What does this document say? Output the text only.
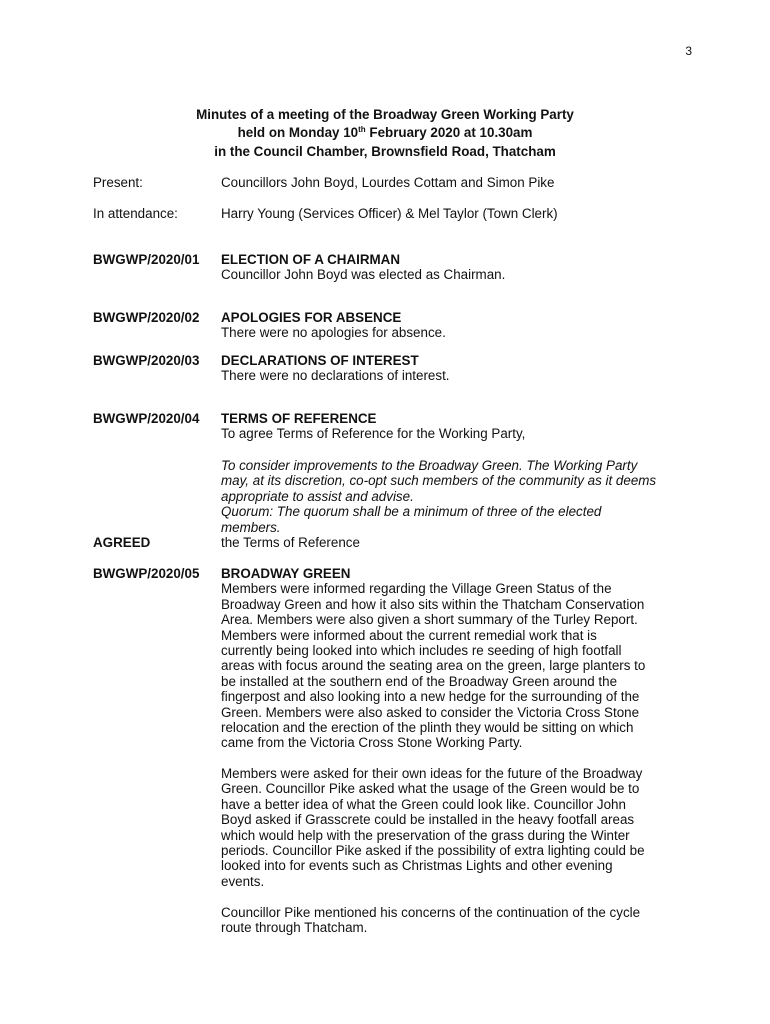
3
Minutes of a meeting of the Broadway Green Working Party
held on Monday 10th February 2020 at 10.30am
in the Council Chamber, Brownsfield Road, Thatcham
Present:	Councillors John Boyd, Lourdes Cottam and Simon Pike
In attendance:	Harry Young (Services Officer) & Mel Taylor (Town Clerk)
BWGWP/2020/01 ELECTION OF A CHAIRMAN
Councillor John Boyd was elected as Chairman.
BWGWP/2020/02 APOLOGIES FOR ABSENCE
There were no apologies for absence.
BWGWP/2020/03 DECLARATIONS OF INTEREST
There were no declarations of interest.
BWGWP/2020/04 TERMS OF REFERENCE
To agree Terms of Reference for the Working Party,
To consider improvements to the Broadway Green. The Working Party
may, at its discretion, co-opt such members of the community as it deems
appropriate to assist and advise.
Quorum: The quorum shall be a minimum of three of the elected
members.
AGREED	the Terms of Reference
BWGWP/2020/05 BROADWAY GREEN
Members were informed regarding the Village Green Status of the
Broadway Green and how it also sits within the Thatcham Conservation
Area. Members were also given a short summary of the Turley Report.
Members were informed about the current remedial work that is
currently being looked into which includes re seeding of high footfall
areas with focus around the seating area on the green, large planters to
be installed at the southern end of the Broadway Green around the
fingerpost and also looking into a new hedge for the surrounding of the
Green. Members were also asked to consider the Victoria Cross Stone
relocation and the erection of the plinth they would be sitting on which
came from the Victoria Cross Stone Working Party.
Members were asked for their own ideas for the future of the Broadway
Green. Councillor Pike asked what the usage of the Green would be to
have a better idea of what the Green could look like. Councillor John
Boyd asked if Grasscrete could be installed in the heavy footfall areas
which would help with the preservation of the grass during the Winter
periods. Councillor Pike asked if the possibility of extra lighting could be
looked into for events such as Christmas Lights and other evening
events.
Councillor Pike mentioned his concerns of the continuation of the cycle
route through Thatcham.
